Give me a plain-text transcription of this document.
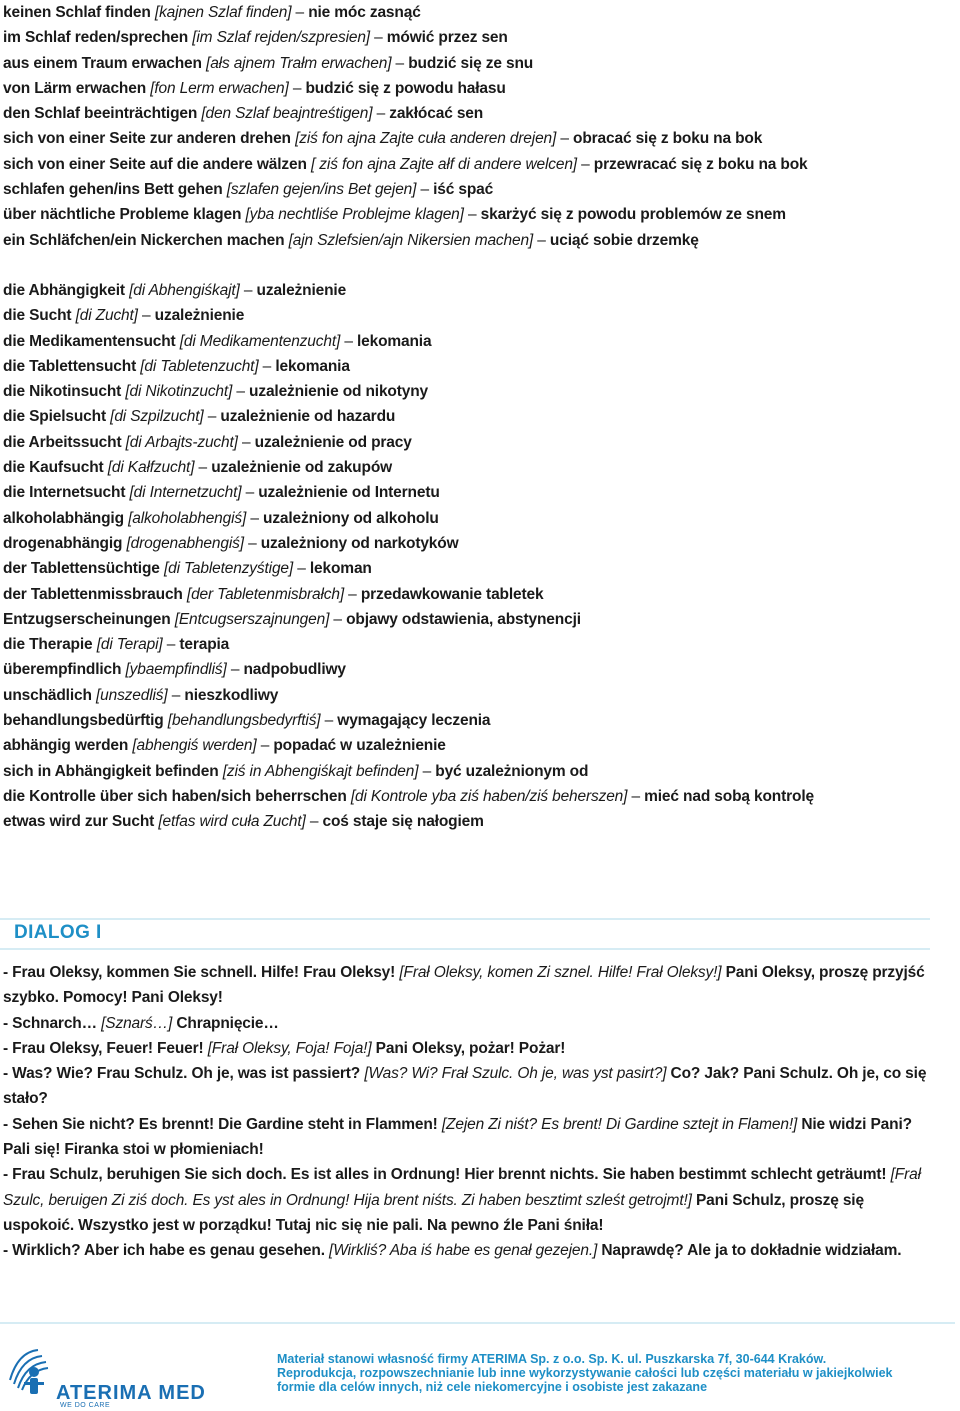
keinen Schlaf finden [kajnen Szlaf finden] – nie móc zasnąć
im Schlaf reden/sprechen [im Szlaf rejden/szpresien] – mówić przez sen
aus einem Traum erwachen [ałs ajnem Trałm erwachen] – budzić się ze snu
von Lärm erwachen [fon Lerm erwachen] – budzić się z powodu hałasu
den Schlaf beeinträchtigen [den Szlaf beajntreśtigen] – zakłócać sen
sich von einer Seite zur anderen drehen [ziś fon ajna Zajte cuła anderen drejen] – obracać się z boku na bok
sich von einer Seite auf die andere wälzen [ ziś fon ajna Zajte ałf di andere welcen] – przewracać się z boku na bok
schlafen gehen/ins Bett gehen [szlafen gejen/ins Bet gejen] – iść spać
über nächtliche Probleme klagen [yba nechtliśe Problejme klagen] – skarżyć się z powodu problemów ze snem
ein Schläfchen/ein Nickerchen machen [ajn Szlefsien/ajn Nikersien machen] – uciąć sobie drzemkę
die Abhängigkeit [di Abhengiśkajt] – uzależnienie
die Sucht [di Zucht] – uzależnienie
die Medikamentensucht [di Medikamentenzucht] – lekomania
die Tablettensucht [di Tabletenzucht] – lekomania
die Nikotinsucht [di Nikotinzucht] – uzależnienie od nikotyny
die Spielsucht [di Szpilzucht] – uzależnienie od hazardu
die Arbeitssucht [di Arbajts-zucht] – uzależnienie od pracy
die Kaufsucht [di Kałfzucht] – uzależnienie od zakupów
die Internetsucht [di Internetzucht] – uzależnienie od Internetu
alkoholabhängig [alkoholabhengiś] – uzależniony od alkoholu
drogenabhängig [drogenabhengiś] – uzależniony od narkotyków
der Tablettensüchtige [di Tabletenzyśtige] – lekoman
der Tablettenmissbrauch [der Tabletenmisbrałch] – przedawkowanie tabletek
Entzugserscheinungen [Entcugserszajnungen] – objawy odstawienia, abstynencji
die Therapie [di Terapi] – terapia
überempfindlich [ybaempfindliś] – nadpobudliwy
unschädlich [unszedliś] – nieszkodliwy
behandlungsbedürftig [behandlungsbedyrftiś] – wymagający leczenia
abhängig werden [abhengiś werden] – popadać w uzależnienie
sich in Abhängigkeit befinden [ziś in Abhengiśkajt befinden] – być uzależnionym od
die Kontrolle über sich haben/sich beherrschen [di Kontrole yba ziś haben/ziś beherszen] – mieć nad sobą kontrolę
etwas wird zur Sucht [etfas wird cuła Zucht] – coś staje się nałogiem
DIALOG I

- Frau Oleksy, kommen Sie schnell. Hilfe! Frau Oleksy! [Frał Oleksy, komen Zi sznel. Hilfe! Frał Oleksy!] Pani Oleksy, proszę przyjść szybko. Pomocy! Pani Oleksy!

- Schnarch… [Sznarś…] Chrapnięcie…

- Frau Oleksy, Feuer! Feuer! [Frał Oleksy, Foja! Foja!] Pani Oleksy, pożar! Pożar!

- Was? Wie? Frau Schulz. Oh je, was ist passiert? [Was? Wi? Frał Szulc. Oh je, was yst pasirt?] Co? Jak? Pani Schulz. Oh je, co się stało?

- Sehen Sie nicht? Es brennt! Die Gardine steht in Flammen! [Zejen Zi niśt? Es brent! Di Gardine sztejt in Flamen!] Nie widzi Pani? Pali się! Firanka stoi w płomieniach!

- Frau Schulz, beruhigen Sie sich doch. Es ist alles in Ordnung! Hier brennt nichts. Sie haben bestimmt schlecht geträumt! [Frał Szulc, beruigen Zi ziś doch. Es yst ales in Ordnung! Hija brent niśts. Zi haben besztimt szleśt getrojmt!] Pani Schulz, proszę się uspokoić. Wszystko jest w porządku! Tutaj nic się nie pali. Na pewno źle Pani śniła!

- Wirklich? Aber ich habe es genau gesehen. [Wirkliś? Aba iś habe es genał gezejen.] Naprawdę? Ale ja to dokładnie widziałam.

ATERIMA MED
WE DO CARE

Materiał stanowi własność firmy ATERIMA Sp. z o.o. Sp. K. ul. Puszkarska 7f, 30-644 Kraków.

Reprodukcja, rozpowszechnianie lub inne wykorzystywanie całości lub części materiału w jakiejkolwiek

formie dla celów innych, niż cele niekomercyjne i osobiste jest zakazane
